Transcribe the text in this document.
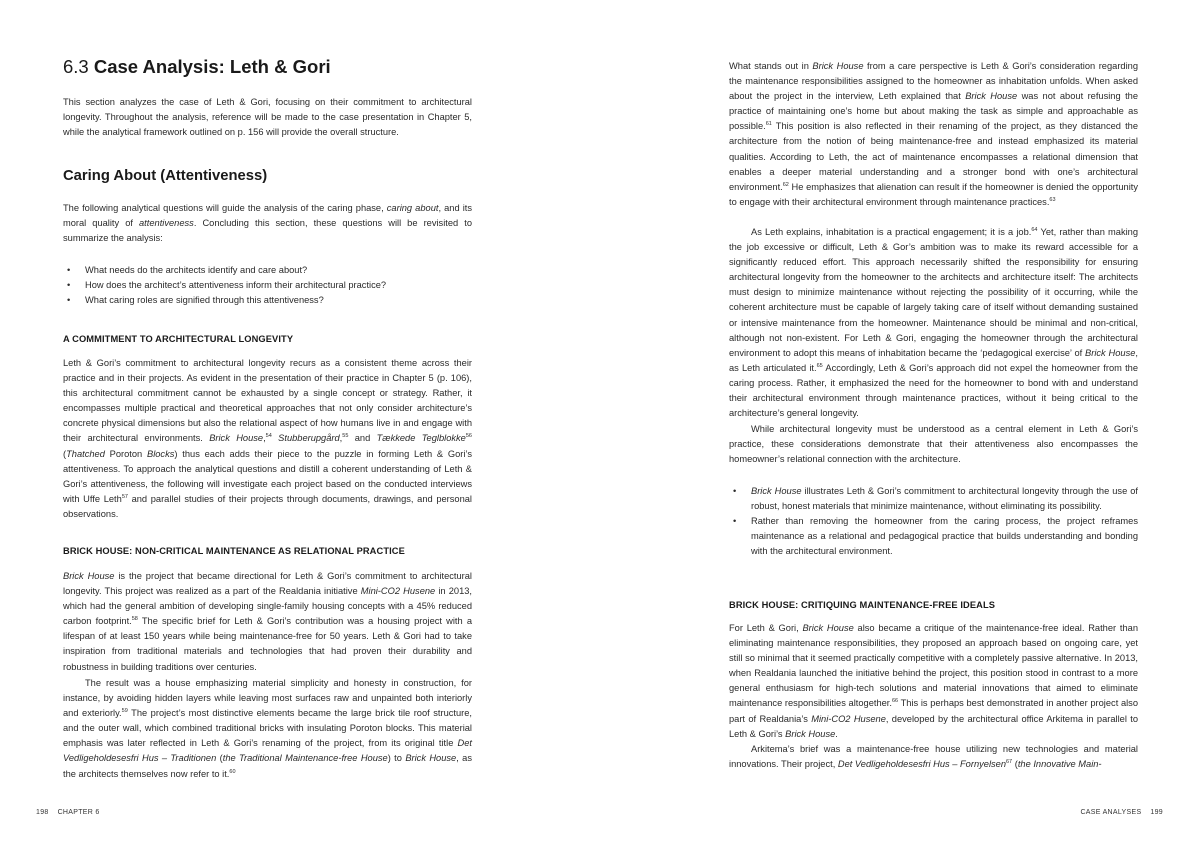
6.3 Case Analysis: Leth & Gori

This section analyzes the case of Leth & Gori, focusing on their commitment to architectural longevity. Throughout the analysis, reference will be made to the case presentation in Chapter 5, while the analytical framework outlined on p. 156 will provide the overall structure.

Caring About (Attentiveness)

The following analytical questions will guide the analysis of the caring phase, caring about, and its moral quality of attentiveness. Concluding this section, these questions will be revisited to summarize the analysis:

• What needs do the architects identify and care about?
• How does the architect’s attentiveness inform their architectural practice?
• What caring roles are signified through this attentiveness?
A COMMITMENT TO ARCHITECTURAL LONGEVITY

Leth & Gori’s commitment to architectural longevity recurs as a consistent theme across their practice and in their projects. As evident in the presentation of their practice in Chapter 5 (p. 106), this architectural commitment cannot be exhausted by a single concept or strategy. Rather, it encompasses multiple practical and theoretical approaches that not only consider architecture’s concrete physical dimensions but also the relational aspect of how humans live in and engage with their architectural environments. Brick House,$^{54}$ Stubberupgård,$^{55}$ and Tækkede Teglblokke$^{56}$ (Thatched Poroton Blocks) thus each adds their piece to the puzzle in forming Leth & Gori’s attentiveness. To approach the analytical questions and distill a coherent understanding of Leth & Gori’s attentiveness, the following will investigate each project based on the conducted interviews with Uffe Leth$^{57}$ and parallel studies of their projects through documents, drawings, and personal observations.

BRICK HOUSE: NON-CRITICAL MAINTENANCE AS RELATIONAL PRACTICE

Brick House is the project that became directional for Leth & Gori’s commitment to architectural longevity. This project was realized as a part of the Realdania initiative Mini-CO2 Husene in 2013, which had the general ambition of developing single-family housing concepts with a 45% reduced carbon footprint.$^{58}$ The specific brief for Leth & Gori’s contribution was a housing project with a lifespan of at least 150 years while being maintenance-free for 50 years. Leth & Gori had to take inspiration from traditional materials and technologies that had proven their durability and robustness in building traditions over centuries.

The result was a house emphasizing material simplicity and honesty in construction, for instance, by avoiding hidden layers while leaving most surfaces raw and unpainted both interiorly and exteriorly.$^{59}$ The project’s most distinctive elements became the large brick tile roof structure, and the outer wall, which combined traditional bricks with insulating Poroton blocks. This material emphasis was later reflected in Leth & Gori’s renaming of the project, from its original title Det Vedligeholdesesfri Hus – Traditionen (the Traditional Maintenance-free House) to Brick House, as the architects themselves now refer to it.$^{60}$

198 CHAPTER 6

What stands out in Brick House from a care perspective is Leth & Gori’s consideration regarding the maintenance responsibilities assigned to the homeowner as inhabitation unfolds. When asked about the project in the interview, Leth explained that Brick House was not about refusing the practice of maintaining one’s home but about making the task as simple and approachable as possible.$^{61}$ This position is also reflected in their renaming of the project, as they distanced the architecture from the notion of being maintenance-free and instead emphasized its material qualities. According to Leth, the act of maintenance encompasses a relational dimension that enables a deeper material understanding and a stronger bond with one’s architectural environment.$^{62}$ He emphasizes that alienation can result if the homeowner is denied the opportunity to engage with their architectural environment through maintenance practices.$^{63}$

As Leth explains, inhabitation is a practical engagement; it is a job.$^{64}$ Yet, rather than making the job excessive or difficult, Leth & Gor’s ambition was to make its reward accessible for a significantly reduced effort. This approach necessarily shifted the responsibility for ensuring architectural longevity from the homeowner to the architects and architecture itself: The architects must design to minimize maintenance without rejecting the possibility of it occurring, while the coherent architecture must be capable of largely taking care of itself without demanding sustained or intensive maintenance from the homeowner. Maintenance should be minimal and non-critical, although not non-existent. For Leth & Gori, engaging the homeowner through the architectural environment to adopt this means of inhabitation became the ‘pedagogical exercise’ of Brick House, as Leth articulated it.$^{65}$ Accordingly, Leth & Gori’s approach did not expel the homeowner from the caring process. Rather, it emphasized the need for the homeowner to bond with and understand their architectural environment through maintenance practices, without it being critical to the architecture’s general longevity.

While architectural longevity must be understood as a central element in Leth & Gori’s practice, these considerations demonstrate that their attentiveness also encompasses the homeowner’s relational connection with the architecture.

• Brick House illustrates Leth & Gori’s commitment to architectural longevity through the use of robust, honest materials that minimize maintenance, without eliminating its possibility.
• Rather than removing the homeowner from the caring process, the project reframes maintenance as a relational and pedagogical practice that builds understanding and bonding with the architectural environment.
BRICK HOUSE: CRITIQUING MAINTENANCE-FREE IDEALS

For Leth & Gori, Brick House also became a critique of the maintenance-free ideal. Rather than eliminating maintenance responsibilities, they proposed an approach based on ongoing care, yet still so minimal that it seemed practically competitive with a completely passive alternative. In 2013, when Realdania launched the initiative behind the project, this position stood in contrast to a more general enthusiasm for high-tech solutions and material innovations that aimed to eliminate maintenance responsibilities altogether.$^{66}$ This is perhaps best demonstrated in another project also part of Realdania’s Mini-CO2 Husene, developed by the architectural office Arkitema in parallel to Leth & Gori’s Brick House.

Arkitema’s brief was a maintenance-free house utilizing new technologies and material innovations. Their project, Det Vedligeholdesesfri Hus – Fornyelsen$^{67}$ (the Innovative Main-

CASE ANALYSES 199
